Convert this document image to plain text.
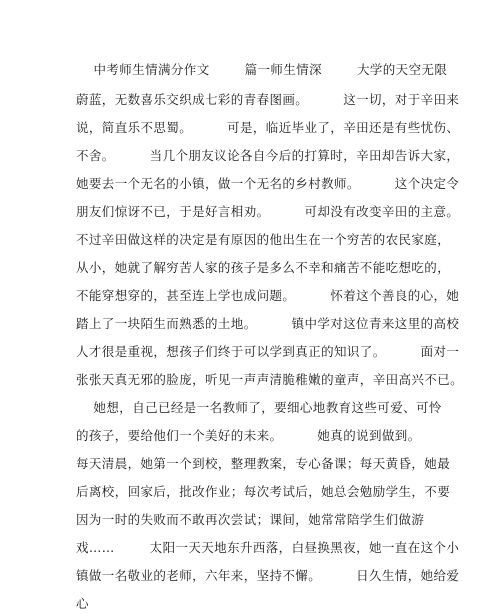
中考师生情满分作文        篇一师生情深        大学的天空无限
蔚蓝，无数喜乐交织成七彩的青春图画。        这一切，对于辛田来
说，简直乐不思蜀。        可是，临近毕业了，辛田还是有些忧伤、
不舍。        当几个朋友议论各自今后的打算时，辛田却告诉大家，
她要去一个无名的小镇，做一个无名的乡村教师。        这个决定令
朋友们惊讶不已，于是好言相劝。        可却没有改变辛田的主意。
不过辛田做这样的决定是有原因的他出生在一个穷苦的农民家庭，
从小，她就了解穷苦人家的孩子是多么不幸和痛苦不能吃想吃的，
不能穿想穿的，甚至连上学也成问题。        怀着这个善良的心，她
踏上了一块陌生而熟悉的土地。        镇中学对这位青来这里的高校
人才很是重视，想孩子们终于可以学到真正的知识了。        面对一
张张天真无邪的脸庞，听见一声声清脆稚嫩的童声，辛田高兴不已。
她想，自己已经是一名教师了，要细心地教育这些可爱、可怜
的孩子，要给他们一个美好的未来。        她真的说到做到。
每天清晨，她第一个到校，整理教案，专心备课；每天黄昏，她最
后离校，回家后，批改作业；每次考试后，她总会勉励学生，不要
因为一时的失败而不敢再次尝试；课间，她常常陪学生们做游
戏……        太阳一天天地东升西落，白昼换黑夜，她一直在这个小
镇做一名敬业的老师，六年来，坚持不懈。        日久生情，她给爱
心
